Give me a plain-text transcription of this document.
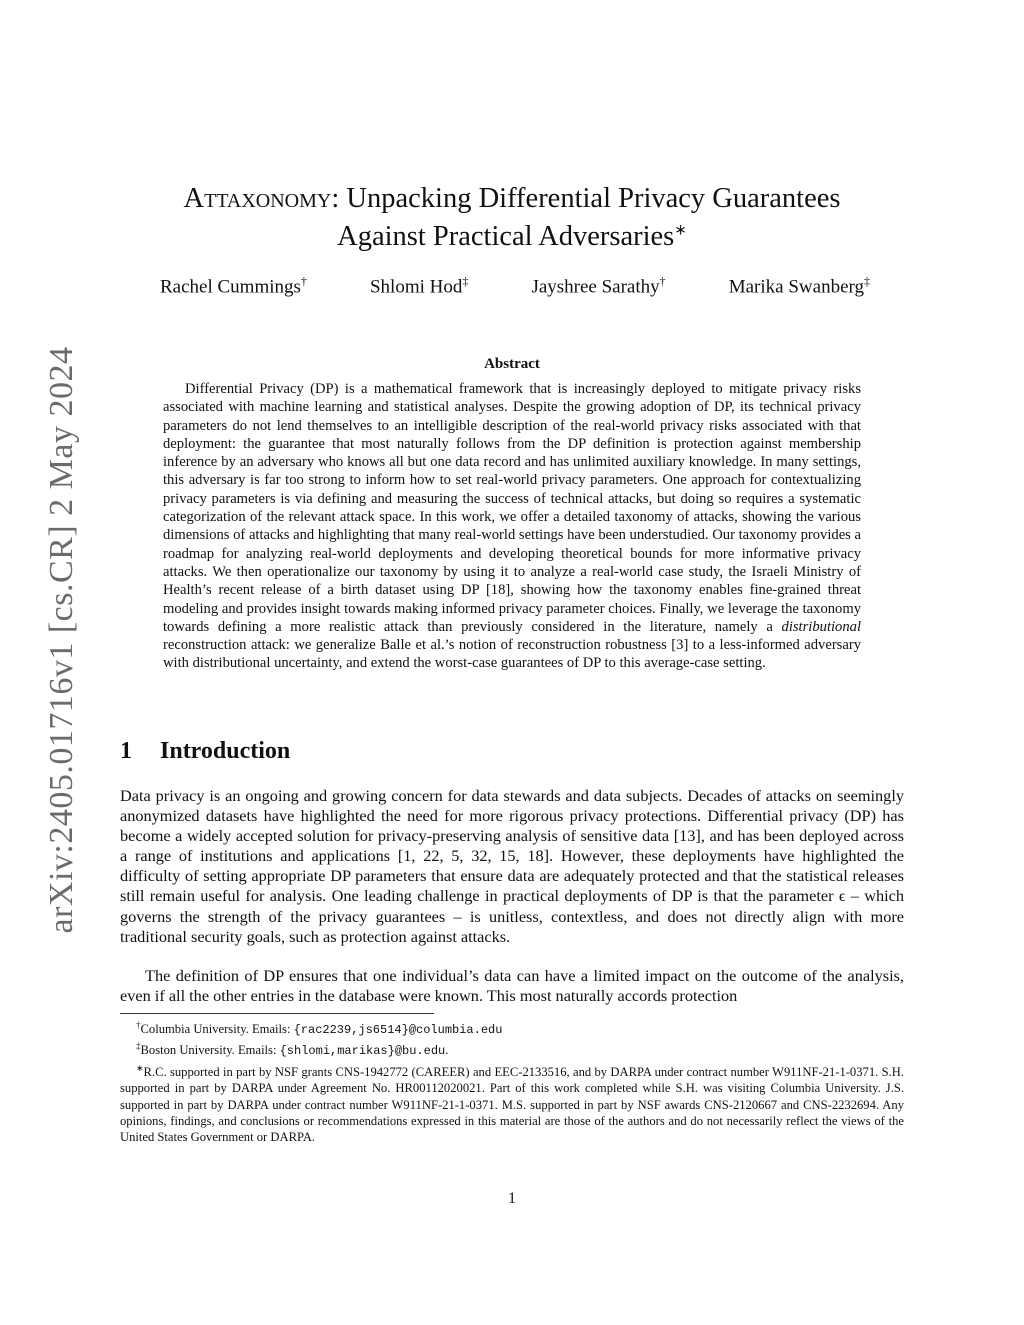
arXiv:2405.01716v1 [cs.CR] 2 May 2024
Attaxonomy: Unpacking Differential Privacy Guarantees
Against Practical Adversaries∗
Rachel Cummings†	Shlomi Hod‡	Jayshree Sarathy†	Marika Swanberg‡
Abstract
Differential Privacy (DP) is a mathematical framework that is increasingly deployed to mitigate privacy risks associated with machine learning and statistical analyses. Despite the growing adoption of DP, its technical privacy parameters do not lend themselves to an intelligible description of the real-world privacy risks associated with that deployment: the guarantee that most naturally follows from the DP definition is protection against membership inference by an adversary who knows all but one data record and has unlimited auxiliary knowledge. In many settings, this adversary is far too strong to inform how to set real-world privacy parameters. One approach for contextualizing privacy parameters is via defining and measuring the success of technical attacks, but doing so requires a systematic categorization of the relevant attack space. In this work, we offer a detailed taxonomy of attacks, showing the various dimensions of attacks and highlighting that many real-world settings have been understudied. Our taxonomy provides a roadmap for analyzing real-world deployments and developing theoretical bounds for more informative privacy attacks. We then operationalize our taxonomy by using it to analyze a real-world case study, the Israeli Ministry of Health’s recent release of a birth dataset using DP [18], showing how the taxonomy enables fine-grained threat modeling and provides insight towards making informed privacy parameter choices. Finally, we leverage the taxonomy towards defining a more realistic attack than previously considered in the literature, namely a distributional reconstruction attack: we generalize Balle et al.’s notion of reconstruction robustness [3] to a less-informed adversary with distributional uncertainty, and extend the worst-case guarantees of DP to this average-case setting.
1 Introduction
Data privacy is an ongoing and growing concern for data stewards and data subjects. Decades of attacks on seemingly anonymized datasets have highlighted the need for more rigorous privacy protections. Differential privacy (DP) has become a widely accepted solution for privacy-preserving analysis of sensitive data [13], and has been deployed across a range of institutions and applications [1, 22, 5, 32, 15, 18]. However, these deployments have highlighted the difficulty of setting appropriate DP parameters that ensure data are adequately protected and that the statistical releases still remain useful for analysis. One leading challenge in practical deployments of DP is that the parameter ϵ – which governs the strength of the privacy guarantees – is unitless, contextless, and does not directly align with more traditional security goals, such as protection against attacks.
The definition of DP ensures that one individual’s data can have a limited impact on the outcome of the analysis, even if all the other entries in the database were known. This most naturally accords protection

†Columbia University. Emails: {rac2239,js6514}@columbia.edu

‡Boston University. Emails: {shlomi,marikas}@bu.edu.

∗R.C. supported in part by NSF grants CNS-1942772 (CAREER) and EEC-2133516, and by DARPA under contract number W911NF-21-1-0371. S.H. supported in part by DARPA under Agreement No. HR00112020021. Part of this work completed while S.H. was visiting Columbia University. J.S. supported in part by DARPA under contract number W911NF-21-1-0371. M.S. supported in part by NSF awards CNS-2120667 and CNS-2232694. Any opinions, findings, and conclusions or recommendations expressed in this material are those of the authors and do not necessarily reflect the views of the United States Government or DARPA.

1
